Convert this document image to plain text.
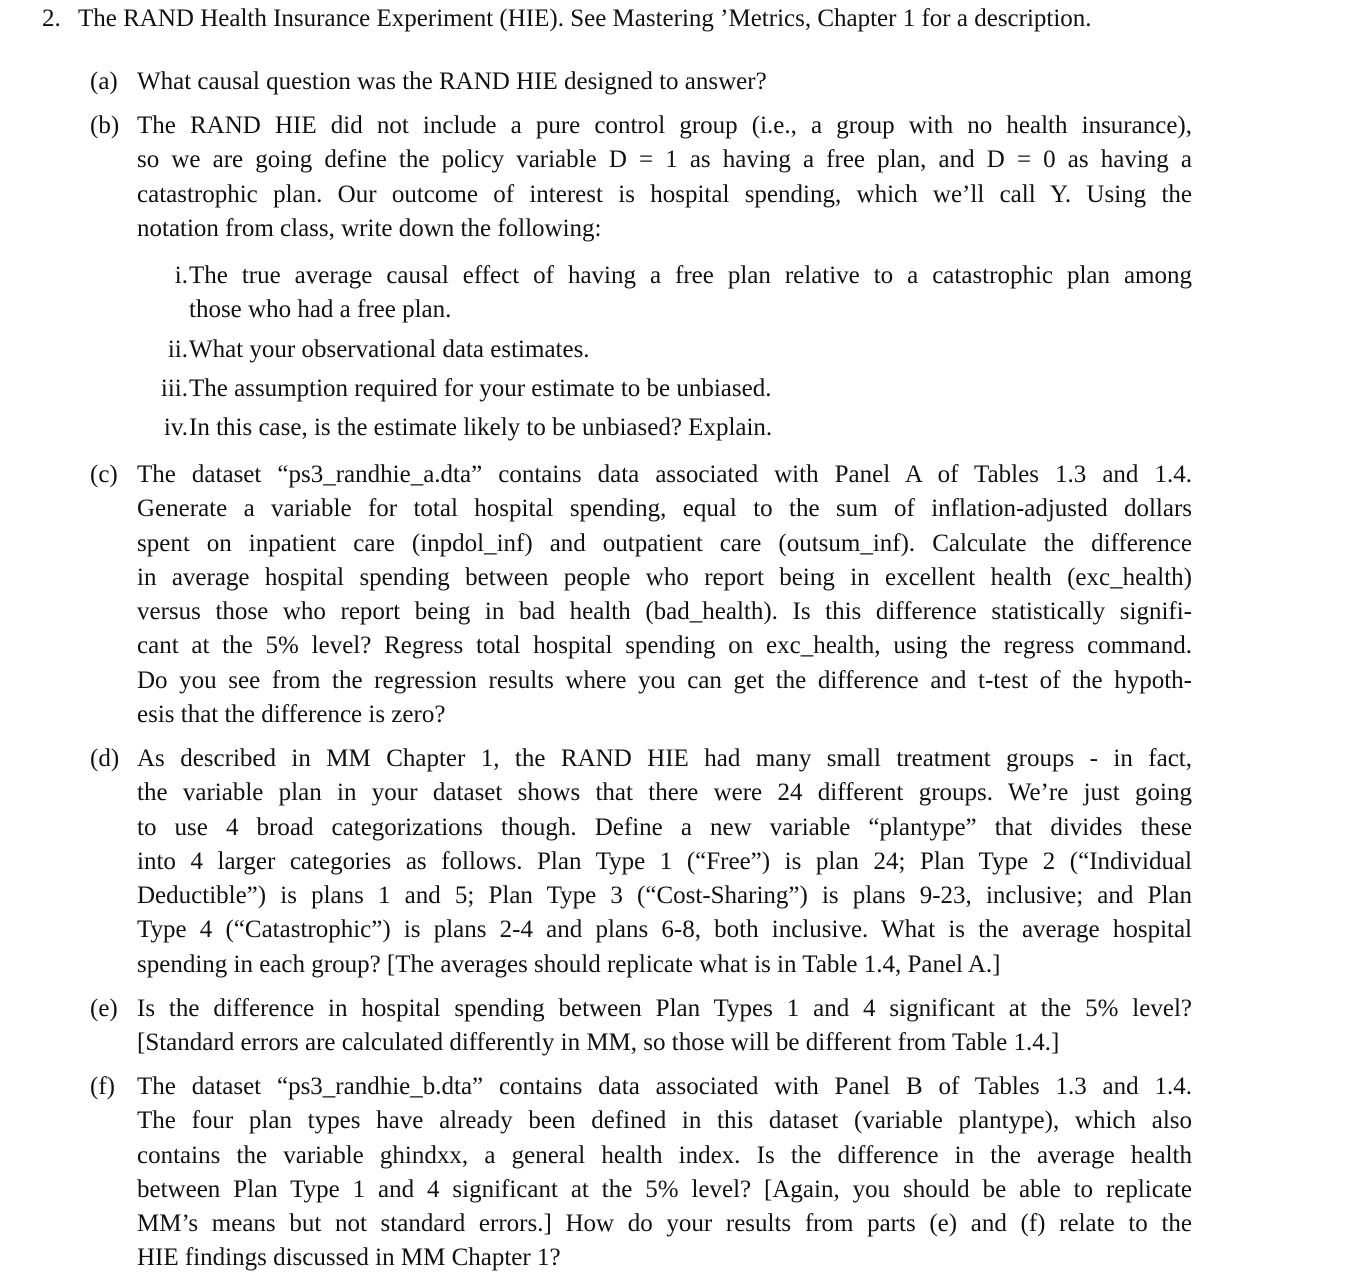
2. The RAND Health Insurance Experiment (HIE). See Mastering ’Metrics, Chapter 1 for a description.
(a) What causal question was the RAND HIE designed to answer?
(b) The RAND HIE did not include a pure control group (i.e., a group with no health insurance),
so we are going define the policy variable D = 1 as having a free plan, and D = 0 as having a
catastrophic plan. Our outcome of interest is hospital spending, which we’ll call Y. Using the
notation from class, write down the following:
i. The true average causal effect of having a free plan relative to a catastrophic plan among
those who had a free plan.
ii. What your observational data estimates.
iii. The assumption required for your estimate to be unbiased.
iv. In this case, is the estimate likely to be unbiased? Explain.
(c) The dataset “ps3_randhie_a.dta” contains data associated with Panel A of Tables 1.3 and 1.4.
Generate a variable for total hospital spending, equal to the sum of inflation-adjusted dollars
spent on inpatient care (inpdol_inf) and outpatient care (outsum_inf). Calculate the difference
in average hospital spending between people who report being in excellent health (exc_health)
versus those who report being in bad health (bad_health). Is this difference statistically signifi-
cant at the 5% level? Regress total hospital spending on exc_health, using the regress command.
Do you see from the regression results where you can get the difference and t-test of the hypoth-
esis that the difference is zero?
(d) As described in MM Chapter 1, the RAND HIE had many small treatment groups - in fact,
the variable plan in your dataset shows that there were 24 different groups. We’re just going
to use 4 broad categorizations though. Define a new variable “plantype” that divides these
into 4 larger categories as follows. Plan Type 1 (“Free”) is plan 24; Plan Type 2 (“Individual
Deductible”) is plans 1 and 5; Plan Type 3 (“Cost-Sharing”) is plans 9-23, inclusive; and Plan
Type 4 (“Catastrophic”) is plans 2-4 and plans 6-8, both inclusive. What is the average hospital
spending in each group? [The averages should replicate what is in Table 1.4, Panel A.]
(e) Is the difference in hospital spending between Plan Types 1 and 4 significant at the 5% level?
[Standard errors are calculated differently in MM, so those will be different from Table 1.4.]
(f) The dataset “ps3_randhie_b.dta” contains data associated with Panel B of Tables 1.3 and 1.4.
The four plan types have already been defined in this dataset (variable plantype), which also
contains the variable ghindxx, a general health index. Is the difference in the average health
between Plan Type 1 and 4 significant at the 5% level? [Again, you should be able to replicate
MM’s means but not standard errors.] How do your results from parts (e) and (f) relate to the
HIE findings discussed in MM Chapter 1?
